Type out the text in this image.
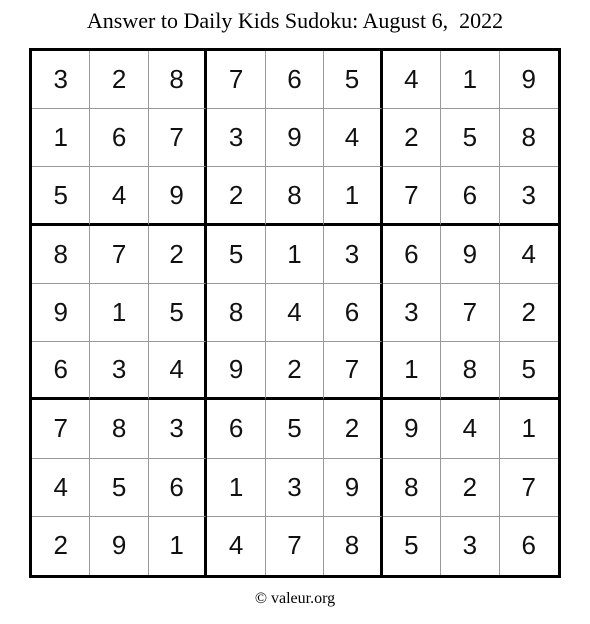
Answer to Daily Kids Sudoku: August 6,  2022
3	2	8	7	6	5	4	1	9
1	6	7	3	9	4	2	5	8
5	4	9	2	8	1	7	6	3
8	7	2	5	1	3	6	9	4
9	1	5	8	4	6	3	7	2
6	3	4	9	2	7	1	8	5
7	8	3	6	5	2	9	4	1
4	5	6	1	3	9	8	2	7
2	9	1	4	7	8	5	3	6
© valeur.org
